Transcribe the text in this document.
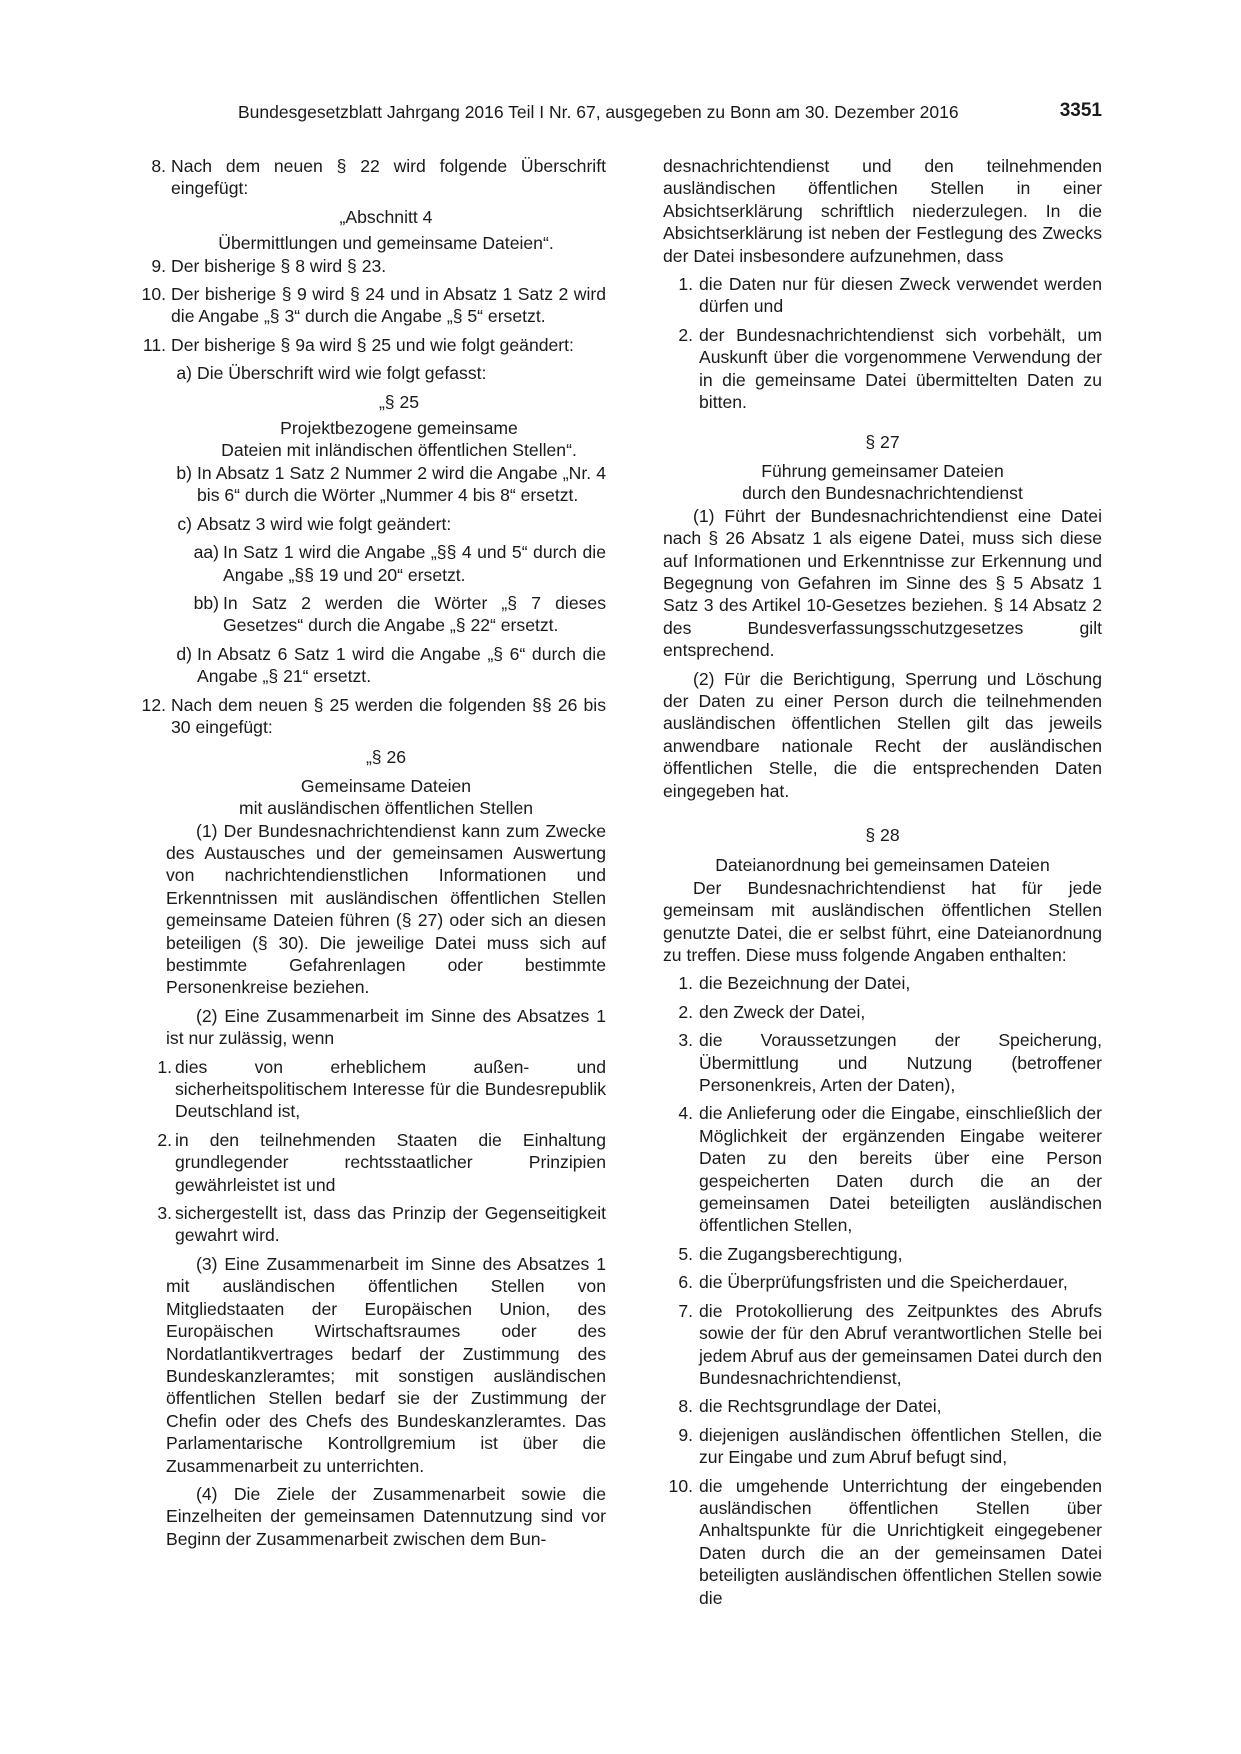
Bundesgesetzblatt Jahrgang 2016 Teil I Nr. 67, ausgegeben zu Bonn am 30. Dezember 2016	3351
8. Nach dem neuen § 22 wird folgende Überschrift eingefügt:

„Abschnitt 4

Übermittlungen und gemeinsame Dateien“.

9. Der bisherige § 8 wird § 23.
10. Der bisherige § 9 wird § 24 und in Absatz 1 Satz 2 wird die Angabe „§ 3“ durch die Angabe „§ 5“ ersetzt.
11. Der bisherige § 9a wird § 25 und wie folgt geändert:
a) Die Überschrift wird wie folgt gefasst:

„§ 25

Projektbezogene gemeinsame

Dateien mit inländischen öffentlichen Stellen“.

b) In Absatz 1 Satz 2 Nummer 2 wird die Angabe „Nr. 4 bis 6“ durch die Wörter „Nummer 4 bis 8“ ersetzt.
c) Absatz 3 wird wie folgt geändert:
aa) In Satz 1 wird die Angabe „§§ 4 und 5“ durch die Angabe „§§ 19 und 20“ ersetzt.
bb) In Satz 2 werden die Wörter „§ 7 dieses Gesetzes“ durch die Angabe „§ 22“ ersetzt.
d) In Absatz 6 Satz 1 wird die Angabe „§ 6“ durch die Angabe „§ 21“ ersetzt.
12. Nach dem neuen § 25 werden die folgenden §§ 26 bis 30 eingefügt:

„§ 26

Gemeinsame Dateien

mit ausländischen öffentlichen Stellen

(1) Der Bundesnachrichtendienst kann zum Zwecke des Austausches und der gemeinsamen Auswertung von nachrichtendienstlichen Informationen und Erkenntnissen mit ausländischen öffentlichen Stellen gemeinsame Dateien führen (§ 27) oder sich an diesen beteiligen (§ 30). Die jeweilige Datei muss sich auf bestimmte Gefahrenlagen oder bestimmte Personenkreise beziehen.

(2) Eine Zusammenarbeit im Sinne des Absatzes 1 ist nur zulässig, wenn

1. dies von erheblichem außen- und sicherheitspolitischem Interesse für die Bundesrepublik Deutschland ist,
2. in den teilnehmenden Staaten die Einhaltung grundlegender rechtsstaatlicher Prinzipien gewährleistet ist und
3. sichergestellt ist, dass das Prinzip der Gegenseitigkeit gewahrt wird.

(3) Eine Zusammenarbeit im Sinne des Absatzes 1 mit ausländischen öffentlichen Stellen von Mitgliedstaaten der Europäischen Union, des Europäischen Wirtschaftsraumes oder des Nordatlantikvertrages bedarf der Zustimmung des Bundeskanzleramtes; mit sonstigen ausländischen öffentlichen Stellen bedarf sie der Zustimmung der Chefin oder des Chefs des Bundeskanzleramtes. Das Parlamentarische Kontrollgremium ist über die Zusammenarbeit zu unterrichten.

(4) Die Ziele der Zusammenarbeit sowie die Einzelheiten der gemeinsamen Datennutzung sind vor Beginn der Zusammenarbeit zwischen dem Bun-

desnachrichtendienst und den teilnehmenden ausländischen öffentlichen Stellen in einer Absichtserklärung schriftlich niederzulegen. In die Absichtserklärung ist neben der Festlegung des Zwecks der Datei insbesondere aufzunehmen, dass

1. die Daten nur für diesen Zweck verwendet werden dürfen und
2. der Bundesnachrichtendienst sich vorbehält, um Auskunft über die vorgenommene Verwendung der in die gemeinsame Datei übermittelten Daten zu bitten.

§ 27

Führung gemeinsamer Dateien

durch den Bundesnachrichtendienst

(1) Führt der Bundesnachrichtendienst eine Datei nach § 26 Absatz 1 als eigene Datei, muss sich diese auf Informationen und Erkenntnisse zur Erkennung und Begegnung von Gefahren im Sinne des § 5 Absatz 1 Satz 3 des Artikel 10-Gesetzes beziehen. § 14 Absatz 2 des Bundesverfassungsschutzgesetzes gilt entsprechend.

(2) Für die Berichtigung, Sperrung und Löschung der Daten zu einer Person durch die teilnehmenden ausländischen öffentlichen Stellen gilt das jeweils anwendbare nationale Recht der ausländischen öffentlichen Stelle, die die entsprechenden Daten eingegeben hat.

§ 28

Dateianordnung bei gemeinsamen Dateien

Der Bundesnachrichtendienst hat für jede gemeinsam mit ausländischen öffentlichen Stellen genutzte Datei, die er selbst führt, eine Dateianordnung zu treffen. Diese muss folgende Angaben enthalten:

1. die Bezeichnung der Datei,
2. den Zweck der Datei,
3. die Voraussetzungen der Speicherung, Übermittlung und Nutzung (betroffener Personenkreis, Arten der Daten),
4. die Anlieferung oder die Eingabe, einschließlich der Möglichkeit der ergänzenden Eingabe weiterer Daten zu den bereits über eine Person gespeicherten Daten durch die an der gemeinsamen Datei beteiligten ausländischen öffentlichen Stellen,
5. die Zugangsberechtigung,
6. die Überprüfungsfristen und die Speicherdauer,
7. die Protokollierung des Zeitpunktes des Abrufs sowie der für den Abruf verantwortlichen Stelle bei jedem Abruf aus der gemeinsamen Datei durch den Bundesnachrichtendienst,
8. die Rechtsgrundlage der Datei,
9. diejenigen ausländischen öffentlichen Stellen, die zur Eingabe und zum Abruf befugt sind,
10. die umgehende Unterrichtung der eingebenden ausländischen öffentlichen Stellen über Anhaltspunkte für die Unrichtigkeit eingegebener Daten durch die an der gemeinsamen Datei beteiligten ausländischen öffentlichen Stellen sowie die
